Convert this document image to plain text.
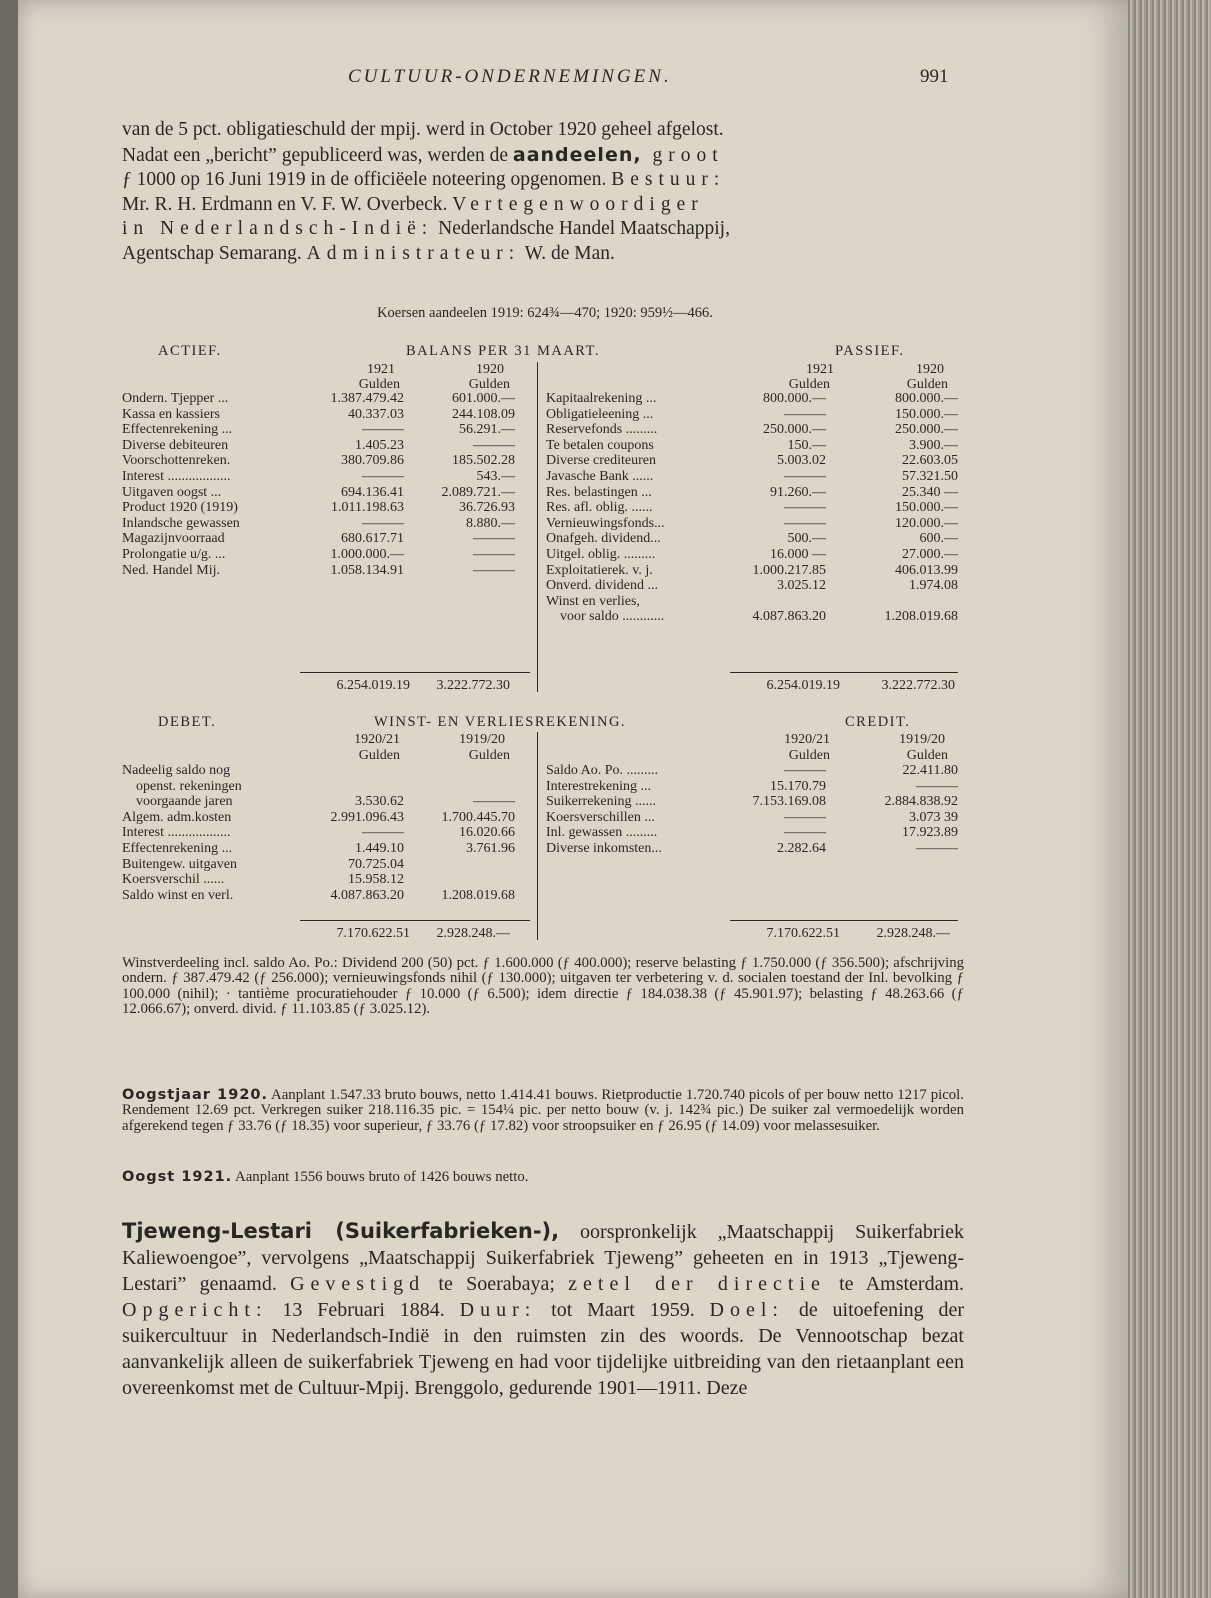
CULTUUR-ONDERNEMINGEN.	991
van de 5 pct. obligatieschuld der mpij. werd in October 1920 geheel afgelost.
Nadat een „bericht” gepubliceerd was, werden de aandeelen, groot
ƒ 1000 op 16 Juni 1919 in de officiëele noteering opgenomen. Bestuur:
Mr. R. H. Erdmann en V. F. W. Overbeck. Vertegenwoordiger
in Nederlandsch-Indië: Nederlandsche Handel Maatschappij,
Agentschap Semarang. Administrateur: W. de Man.
Koersen aandeelen 1919: 624¾—470; 1920: 959½—466.
ACTIEF.	BALANS PER 31 MAART.	PASSIEF.
1921	1920	1921	1920
Gulden	Gulden	Gulden	Gulden
Ondern. Tjepper ...	1.387.479.42	601.000.—
Kassa en kassiers	40.337.03	244.108.09
Effectenrekening ...	———	56.291.—
Diverse debiteuren	1.405.23	———
Voorschottenreken.	380.709.86	185.502.28
Interest ..................	———	543.—
Uitgaven oogst ...	694.136.41	2.089.721.—
Product 1920 (1919)	1.011.198.63	36.726.93
Inlandsche gewassen	———	8.880.—
Magazijnvoorraad	680.617.71	———
Prolongatie u/g. ...	1.000.000.—	———
Ned. Handel Mij.	1.058.134.91	———
Kapitaalrekening ...	800.000.—	800.000.—
Obligatieleening ...	———	150.000.—
Reservefonds .........	250.000.—	250.000.—
Te betalen coupons	150.—	3.900.—
Diverse crediteuren	5.003.02	22.603.05
Javasche Bank ......	———	57.321.50
Res. belastingen ...	91.260.—	25.340 —
Res. afl. oblig. ......	———	150.000.—
Vernieuwingsfonds...	———	120.000.—
Onafgeh. dividend...	500.—	600.—
Uitgel. oblig. .........	16.000 —	27.000.—
Exploitatierek. v. j.	1.000.217.85	406.013.99
Onverd. dividend ...	3.025.12	1.974.08
Winst en verlies,
voor saldo ............	4.087.863.20	1.208.019.68
6.254.019.19	3.222.772.30	6.254.019.19	3.222.772.30
DEBET.	WINST- EN VERLIESREKENING.	CREDIT.
1920/21	1919/20	1920/21	1919/20
Gulden	Gulden	Gulden	Gulden
Nadeelig saldo nog
openst. rekeningen
voorgaande jaren	3.530.62	———
Algem. adm.kosten	2.991.096.43	1.700.445.70
Interest ..................	———	16.020.66
Effectenrekening ...	1.449.10	3.761.96
Buitengew. uitgaven	70.725.04
Koersverschil ......	15.958.12
Saldo winst en verl.	4.087.863.20	1.208.019.68
Saldo Ao. Po. .........	———	22.411.80
Interestrekening ...	15.170.79	———
Suikerrekening ......	7.153.169.08	2.884.838.92
Koersverschillen ...	———	3.073 39
Inl. gewassen .........	———	17.923.89
Diverse inkomsten...	2.282.64	———
7.170.622.51	2.928.248.—	7.170.622.51	2.928.248.—
Winstverdeeling incl. saldo Ao. Po.: Dividend 200 (50) pct. ƒ 1.600.000 (ƒ 400.000); reserve belasting ƒ 1.750.000 (ƒ 356.500); afschrijving ondern. ƒ 387.479.42 (ƒ 256.000); vernieuwingsfonds nihil (ƒ 130.000); uitgaven ter verbetering v. d. socialen toestand der Inl. bevolking ƒ 100.000 (nihil); · tantième procuratiehouder ƒ 10.000 (ƒ 6.500); idem directie ƒ 184.038.38 (ƒ 45.901.97); belasting ƒ 48.263.66 (ƒ 12.066.67); onverd. divid. ƒ 11.103.85 (ƒ 3.025.12).
Oogstjaar 1920. Aanplant 1.547.33 bruto bouws, netto 1.414.41 bouws. Rietproductie 1.720.740 picols of per bouw netto 1217 picol. Rendement 12.69 pct. Verkregen suiker 218.116.35 pic. = 154¼ pic. per netto bouw (v. j. 142¾ pic.) De suiker zal vermoedelijk worden afgerekend tegen ƒ 33.76 (ƒ 18.35) voor superieur, ƒ 33.76 (ƒ 17.82) voor stroopsuiker en ƒ 26.95 (ƒ 14.09) voor melassesuiker.
Oogst 1921. Aanplant 1556 bouws bruto of 1426 bouws netto.
Tjeweng-Lestari (Suikerfabrieken-), oorspronkelijk „Maatschappij Suikerfabriek Kaliewoengoe”, vervolgens „Maatschappij Suikerfabriek Tjeweng” geheeten en in 1913 „Tjeweng-Lestari” genaamd. Gevestigd te Soerabaya; zetel der directie te Amsterdam. Opgericht: 13 Februari 1884. Duur: tot Maart 1959. Doel: de uitoefening der suikercultuur in Nederlandsch-Indië in den ruimsten zin des woords. De Vennootschap bezat aanvankelijk alleen de suikerfabriek Tjeweng en had voor tijdelijke uitbreiding van den rietaanplant een overeenkomst met de Cultuur-Mpij. Brenggolo, gedurende 1901—1911. Deze
